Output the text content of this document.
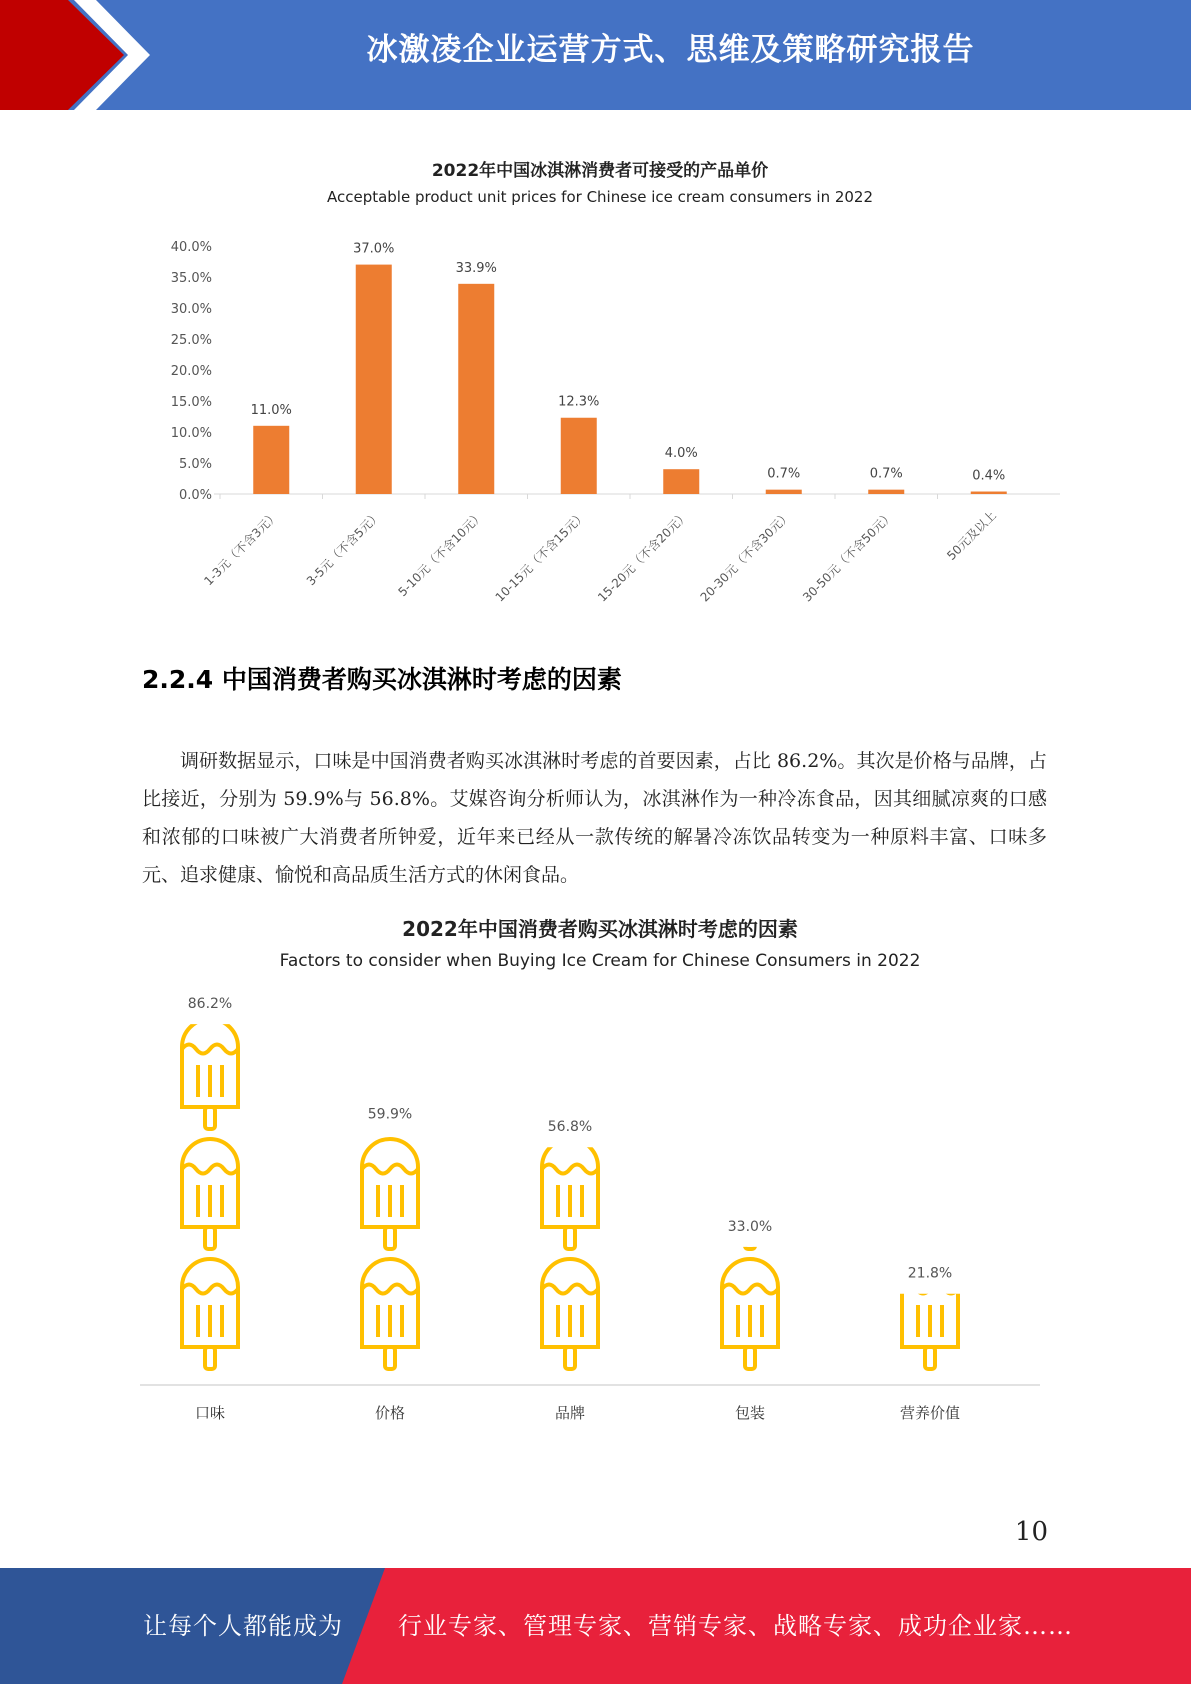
冰激凌企业运营方式、思维及策略研究报告
2022年中国冰淇淋消费者可接受的产品单价
Acceptable product unit prices for Chinese ice cream consumers in 2022
0.0%
5.0%
10.0%
15.0%
20.0%
25.0%
30.0%
35.0%
40.0%
11.0%
1-3元（不含3元）
37.0%
3-5元（不含5元）
33.9%
5-10元（不含10元）
12.3%
10-15元（不含15元）
4.0%
15-20元（不含20元）
0.7%
20-30元（不含30元）
0.7%
30-50元（不含50元）
0.4%
50元及以上
2.2.4 中国消费者购买冰淇淋时考虑的因素
调研数据显示，口味是中国消费者购买冰淇淋时考虑的首要因素，占比 86.2%。其次是价格与品牌，占比接近，分别为 59.9%与 56.8%。艾媒咨询分析师认为，冰淇淋作为一种冷冻食品，因其细腻凉爽的口感和浓郁的口味被广大消费者所钟爱，近年来已经从一款传统的解暑冷冻饮品转变为一种原料丰富、口味多元、追求健康、愉悦和高品质生活方式的休闲食品。
2022年中国消费者购买冰淇淋时考虑的因素
Factors to consider when Buying Ice Cream for Chinese Consumers in 2022
86.2%
口味
59.9%
价格
56.8%
品牌
33.0%
包装
21.8%
营养价值
10
让每个人都能成为 行业专家、管理专家、营销专家、战略专家、成功企业家……
